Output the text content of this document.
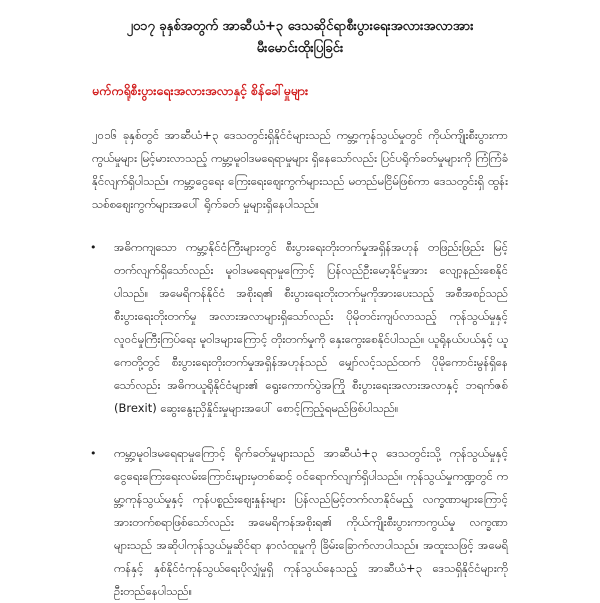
၂၀၁၇ ခုနှစ်အတွက် အာဆီယံ+၃ ဒေသဆိုင်ရာစီးပွားရေးအလားအလာအား

မီးမောင်းထိုးပြခြင်း

မက်ကရိုစီးပွားရေးအလားအလာနှင့် စိန်ခေါ်မှုများ
၂၀၁၆ ခုနှစ်တွင် အာဆီယံ+၃ ဒေသတွင်းရှိနိုင်ငံများသည် ကမ္ဘာ့ကုန်သွယ်မှုတွင် ကိုယ်ကျိုးစီးပွားကာကွယ်မှုများ မြင့်မားလာသည့် ကမ္ဘာ့မူဝါဒမရေရာမှုများ ရှိနေသော်လည်း ပြင်ပရိုက်ခတ်မှုများကို ကြံကြံခံနိုင်လျက်ရှိပါသည်။ ကမ္ဘာ့ငွေရေး ကြေးရေးဈေးကွက်များသည် မတည်မငြိမ်ဖြစ်ကာ ဒေသတွင်းရှိ ထွန်းသစ်စဈေးကွက်များအပေါ် ရိုက်ခတ် မှုများရှိနေပါသည်။
• အဓိကကျသော ကမ္ဘာ့နိုင်ငံကြီးများတွင် စီးပွားရေးတိုးတက်မှုအရှိန်အဟုန် တဖြည်းဖြည်း မြင့်တက်လျက်ရှိသော်လည်း မူဝါဒမရေရာမှုကြောင့် ပြန်လည်ဦးမော့နိုင်မှုအား လျော့နည်းစေနိုင်ပါသည်။ အမေရိကန်နိုင်ငံ အစိုးရ၏ စီးပွားရေးတိုးတက်မှုကိုအားပေးသည့် အစီအစဉ်သည် စီးပွားရေးတိုးတက်မှု အလားအလာများရှိသော်လည်း ပိုမိုတင်းကျပ်လာသည့် ကုန်သွယ်မှုနှင့် လူဝင်မှုကြီးကြပ်ရေး မူဝါဒများကြောင့် တိုးတက်မှုကို နှေးကွေးစေနိုင်ပါသည်။ ယူရိုနယ်ပယ်နှင့် ယူကေတို့တွင် စီးပွားရေးတိုးတက်မှုအရှိန်အဟုန်သည် မျှော်လင့်သည်ထက် ပိုမိုကောင်းမွန်ရှိနေသော်လည်း အဓိကယူရိုနိုင်ငံများ၏ ရွေးကောက်ပွဲအကြို စီးပွားရေးအလားအလာနှင့် ဘရက်ဇစ် (Brexit) ဆွေးနွေးညှိနှိုင်းမှုများအပေါ် စောင့်ကြည့်ရမည်ဖြစ်ပါသည်။
• ကမ္ဘာ့မူဝါဒမရေရာမှုကြောင့် ရိုက်ခတ်မှုများသည် အာဆီယံ+၃ ဒေသတွင်းသို့ ကုန်သွယ်မှုနှင့် ငွေရေးကြေးရေးလမ်းကြောင်းများမှတစ်ဆင့် ဝင်ရောက်လျက်ရှိပါသည်။ ကုန်သွယ်မှုကဏ္ဍတွင် ကမ္ဘာ့ကုန်သွယ်မှုနှင့် ကုန်ပစ္စည်းဈေးနှုန်းများ ပြန်လည်မြင့်တက်လာနိုင်မည့် လက္ခဏာများကြောင့် အားတက်စရာဖြစ်သော်လည်း အမေရိကန်အစိုးရ၏ ကိုယ်ကျိုးစီးပွားကာကွယ်မှု လက္ခဏာများသည် အဆိုပါကုန်သွယ်မှုဆိုင်ရာ နာလံထူမှုကို ခြိမ်းခြောက်လာပါသည်။ အထူးသဖြင့် အမေရိကန်နှင့် နှစ်နိုင်ငံကုန်သွယ်ရေးပိုလျှံမှုရှိ ကုန်သွယ်နေသည့် အာဆီယံ+၃ ဒေသရှိနိုင်ငံများကို ဦးတည်နေပါသည်။
